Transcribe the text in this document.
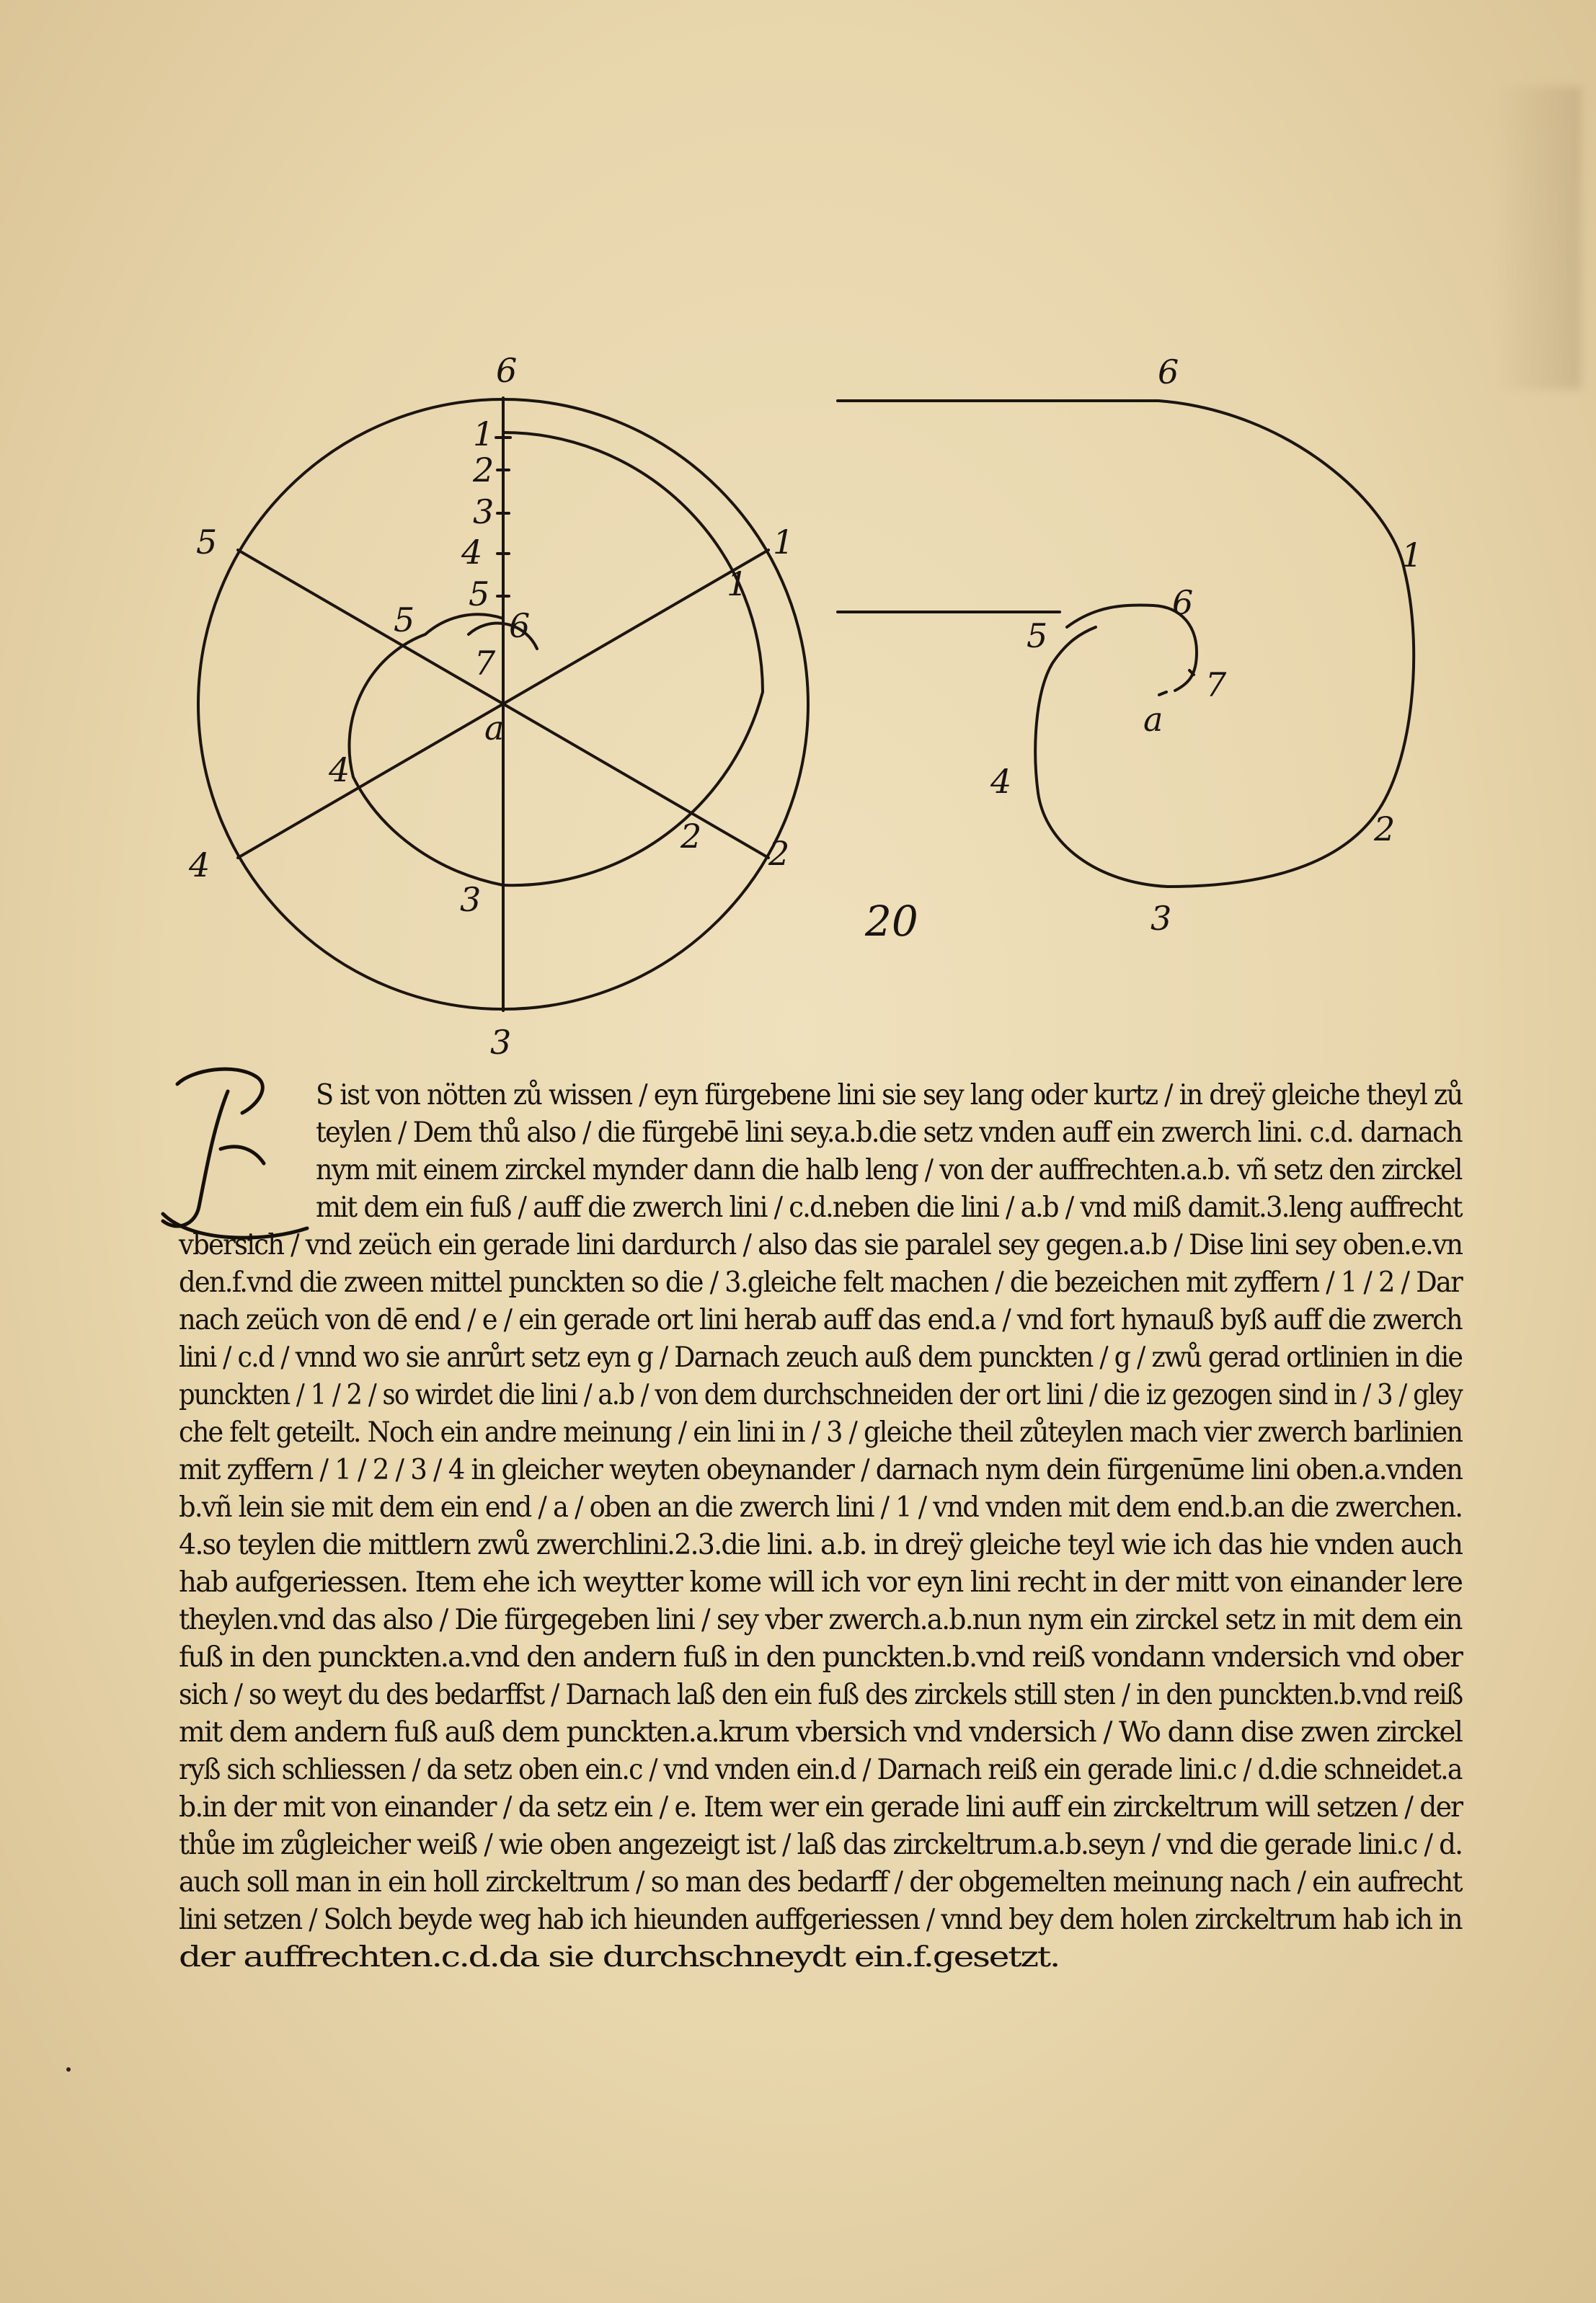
6
3
1
2
4
5
1
2
3
4
5	6
7
a
1
2
3
4
5
6
1
2
3
4
5
6
7
a
20
S ist von nötten zů wissen / eyn fürgebene lini sie sey lang oder kurtz / in dreÿ gleiche theyl zů
teylen / Dem thů also / die fürgebē lini sey.a.b.die setz vnden auff ein zwerch lini. c.d. darnach
nym mit einem zirckel mynder dann die halb leng / von der auffrechten.a.b. vñ setz den zirckel
mit dem ein fuß / auff die zwerch lini / c.d.neben die lini / a.b / vnd miß damit.3.leng auffrecht
vbersich / vnd zeüch ein gerade lini dardurch / also das sie paralel sey gegen.a.b / Dise lini sey oben.e.vn
den.f.vnd die zween mittel punckten so die / 3.gleiche felt machen / die bezeichen mit zyffern / 1 / 2 / Dar
nach zeüch von dē end / e / ein gerade ort lini herab auff das end.a / vnd fort hynauß byß auff die zwerch
lini / c.d / vnnd wo sie anrůrt setz eyn g / Darnach zeuch auß dem punckten / g / zwů gerad ortlinien in die
punckten / 1 / 2 / so wirdet die lini / a.b / von dem durchschneiden der ort lini / die iz gezogen sind in / 3 / gley
che felt geteilt. Noch ein andre meinung / ein lini in / 3 / gleiche theil zůteylen mach vier zwerch barlinien
mit zyffern / 1 / 2 / 3 / 4 in gleicher weyten obeynander / darnach nym dein fürgenūme lini oben.a.vnden
b.vñ lein sie mit dem ein end / a / oben an die zwerch lini / 1 / vnd vnden mit dem end.b.an die zwerchen.
4.so teylen die mittlern zwů zwerchlini.2.3.die lini. a.b. in dreÿ gleiche teyl wie ich das hie vnden auch
hab aufgeriessen. Item ehe ich weytter kome will ich vor eyn lini recht in der mitt von einander lere
theylen.vnd das also / Die fürgegeben lini / sey vber zwerch.a.b.nun nym ein zirckel setz in mit dem ein
fuß in den punckten.a.vnd den andern fuß in den punckten.b.vnd reiß vondann vndersich vnd ober
sich / so weyt du des bedarffst / Darnach laß den ein fuß des zirckels still sten / in den punckten.b.vnd reiß
mit dem andern fuß auß dem punckten.a.krum vbersich vnd vndersich / Wo dann dise zwen zirckel
ryß sich schliessen / da setz oben ein.c / vnd vnden ein.d / Darnach reiß ein gerade lini.c / d.die schneidet.a
b.in der mit von einander / da setz ein / e. Item wer ein gerade lini auff ein zirckeltrum will setzen / der
thůe im zůgleicher weiß / wie oben angezeigt ist / laß das zirckeltrum.a.b.seyn / vnd die gerade lini.c / d.
auch soll man in ein holl zirckeltrum / so man des bedarff / der obgemelten meinung nach / ein aufrecht
lini setzen / Solch beyde weg hab ich hieunden auffgeriessen / vnnd bey dem holen zirckeltrum hab ich in
der auffrechten.c.d.da sie durchschneydt ein.f.gesetzt.
